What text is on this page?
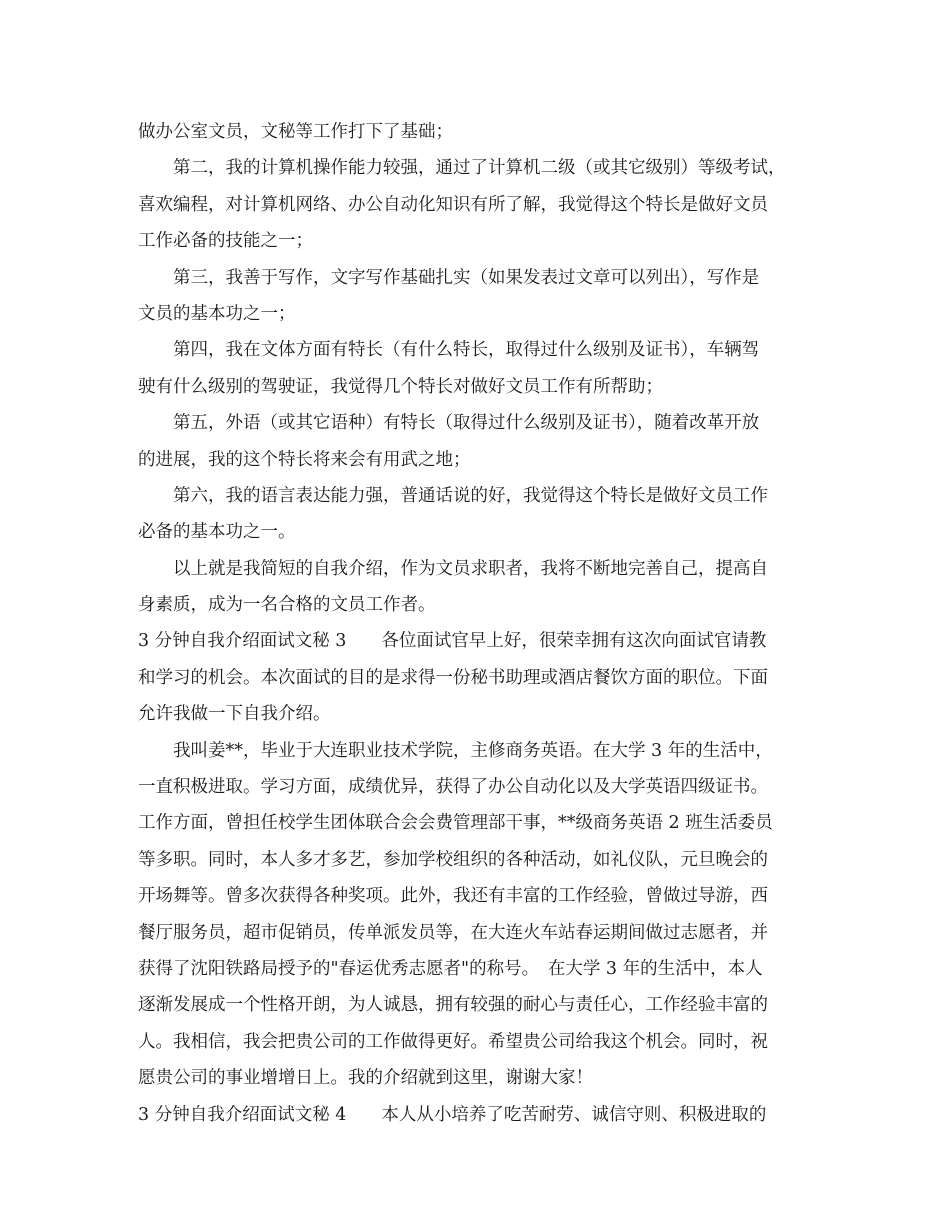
做办公室文员，文秘等工作打下了基础；
第二，我的计算机操作能力较强，通过了计算机二级（或其它级别）等级考试，
喜欢编程，对计算机网络、办公自动化知识有所了解，我觉得这个特长是做好文员
工作必备的技能之一；
第三，我善于写作，文字写作基础扎实（如果发表过文章可以列出），写作是
文员的基本功之一；
第四，我在文体方面有特长（有什么特长，取得过什么级别及证书），车辆驾
驶有什么级别的驾驶证，我觉得几个特长对做好文员工作有所帮助；
第五，外语（或其它语种）有特长（取得过什么级别及证书），随着改革开放
的进展，我的这个特长将来会有用武之地；
第六，我的语言表达能力强，普通话说的好，我觉得这个特长是做好文员工作
必备的基本功之一。
以上就是我简短的自我介绍，作为文员求职者，我将不断地完善自己，提高自
身素质，成为一名合格的文员工作者。
3 分钟自我介绍面试文秘 3　　各位面试官早上好，很荣幸拥有这次向面试官请教
和学习的机会。本次面试的目的是求得一份秘书助理或酒店餐饮方面的职位。下面
允许我做一下自我介绍。
我叫姜**，毕业于大连职业技术学院，主修商务英语。在大学 3 年的生活中，
一直积极进取。学习方面，成绩优异，获得了办公自动化以及大学英语四级证书。
工作方面，曾担任校学生团体联合会会费管理部干事，**级商务英语 2 班生活委员
等多职。同时，本人多才多艺，参加学校组织的各种活动，如礼仪队，元旦晚会的
开场舞等。曾多次获得各种奖项。此外，我还有丰富的工作经验，曾做过导游，西
餐厅服务员，超市促销员，传单派发员等，在大连火车站春运期间做过志愿者，并
获得了沈阳铁路局授予的"春运优秀志愿者"的称号。　在大学 3 年的生活中，本人
逐渐发展成一个性格开朗，为人诚恳，拥有较强的耐心与责任心，工作经验丰富的
人。我相信，我会把贵公司的工作做得更好。希望贵公司给我这个机会。同时，祝
愿贵公司的事业增增日上。我的介绍就到这里，谢谢大家！
3 分钟自我介绍面试文秘 4　　本人从小培养了吃苦耐劳、诚信守则、积极进取的
